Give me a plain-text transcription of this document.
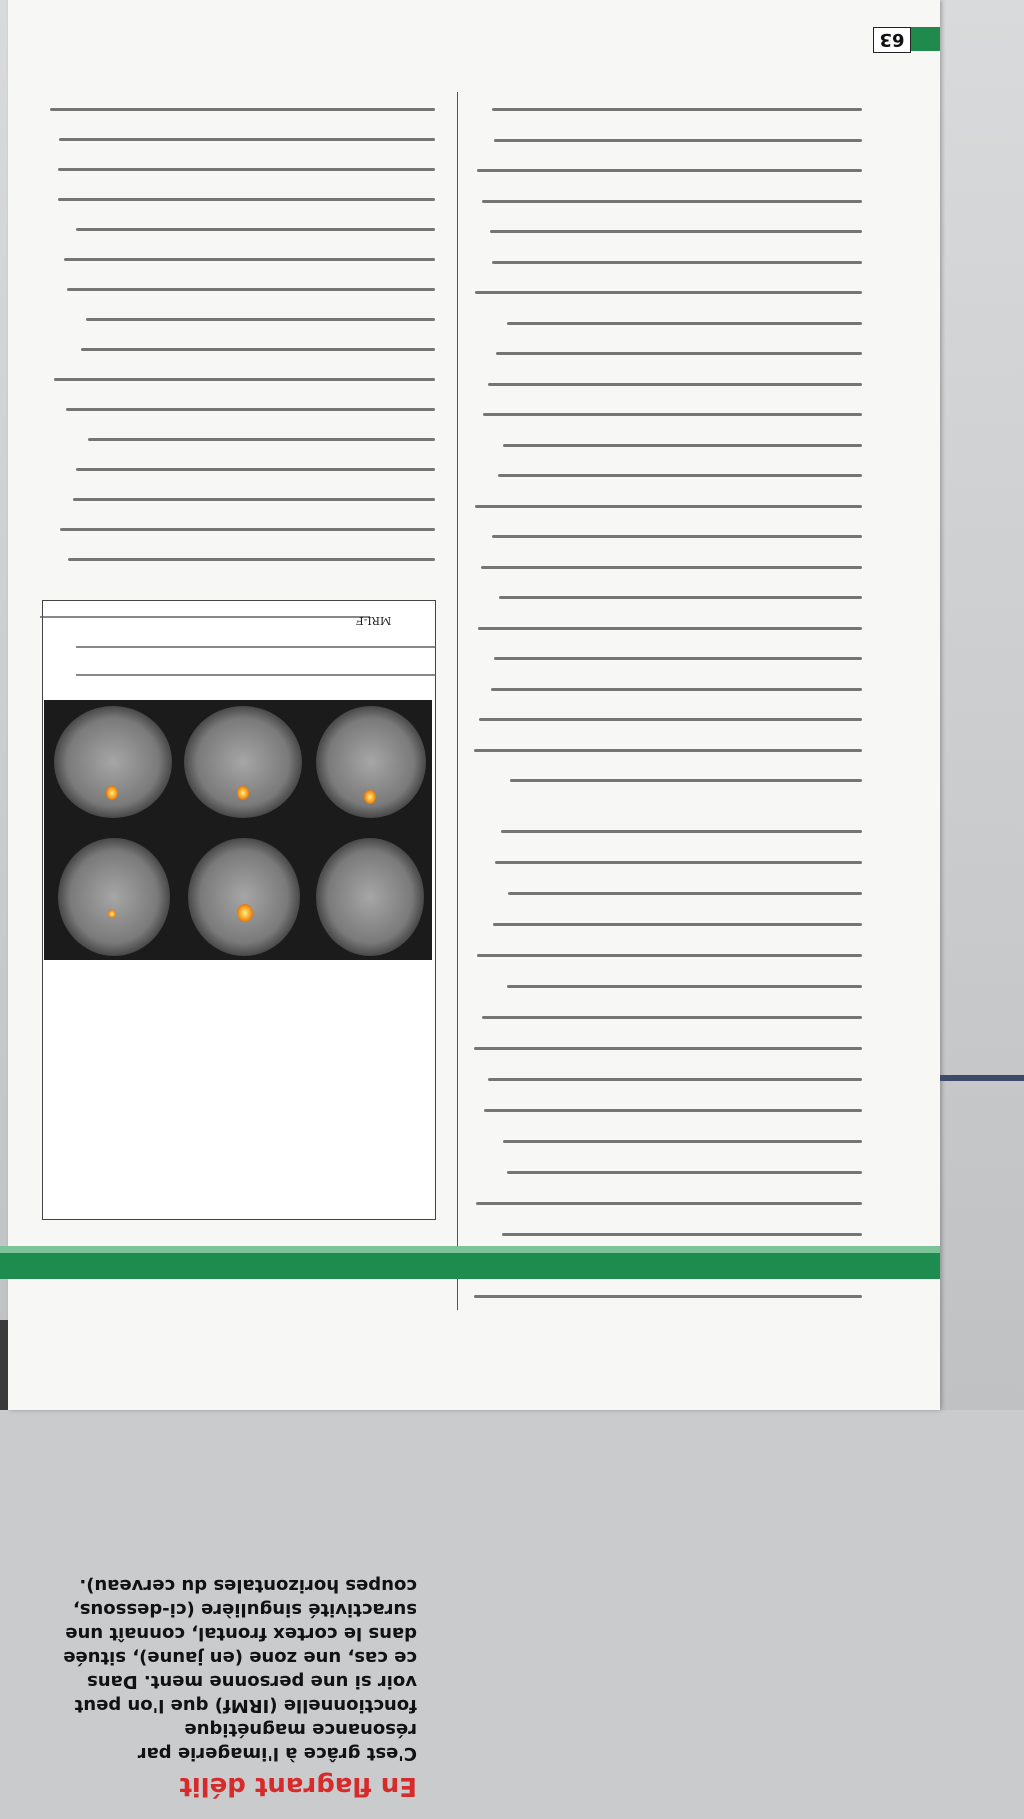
63
En flagrant délit
C'est grâce à l'imagerie par résonance magnétique fonctionnelle (IRMf) que l'on peut voir si une personne ment. Dans ce cas, une zone (en jaune), située dans le cortex frontal, connaît une suractivité singulière (ci-dessous, coupes horizontales du cerveau).
MRI-F
